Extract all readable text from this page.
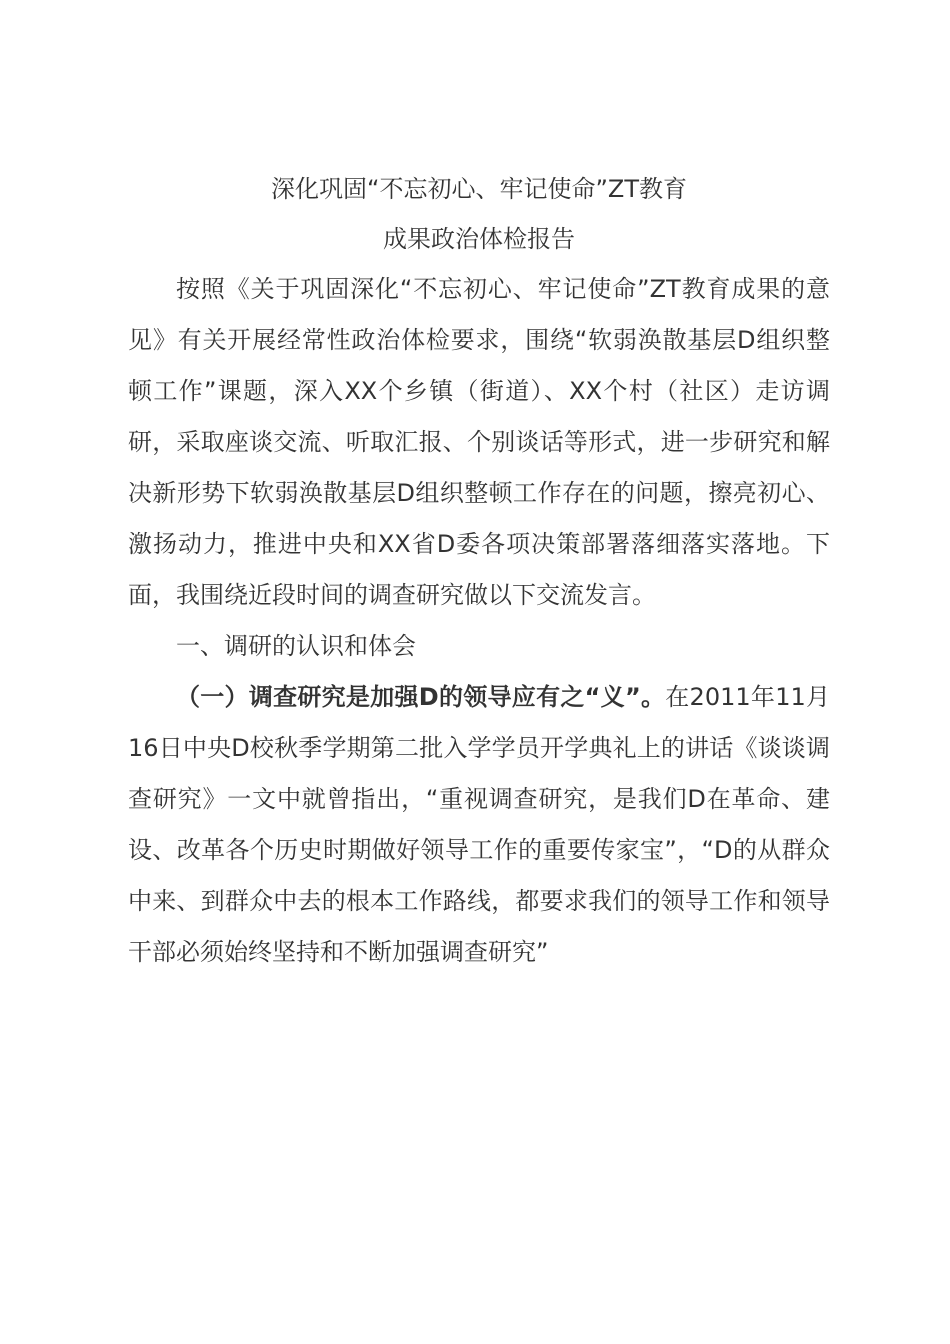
深化巩固“不忘初心、牢记使命”ZT教育
成果政治体检报告

按照《关于巩固深化“不忘初心、牢记使命”ZT教育成果的意见》有关开展经常性政治体检要求，围绕“软弱涣散基层D组织整顿工作”课题，深入XX个乡镇（街道）、XX个村（社区）走访调研，采取座谈交流、听取汇报、个别谈话等形式，进一步研究和解决新形势下软弱涣散基层D组织整顿工作存在的问题，擦亮初心、激扬动力，推进中央和XX省D委各项决策部署落细落实落地。下面，我围绕近段时间的调查研究做以下交流发言。

一、调研的认识和体会

（一）调查研究是加强D的领导应有之“义”。在2011年11月16日中央D校秋季学期第二批入学学员开学典礼上的讲话《谈谈调查研究》一文中就曾指出，“重视调查研究，是我们D在革命、建设、改革各个历史时期做好领导工作的重要传家宝”，“D的从群众中来、到群众中去的根本工作路线，都要求我们的领导工作和领导干部必须始终坚持和不断加强调查研究”
